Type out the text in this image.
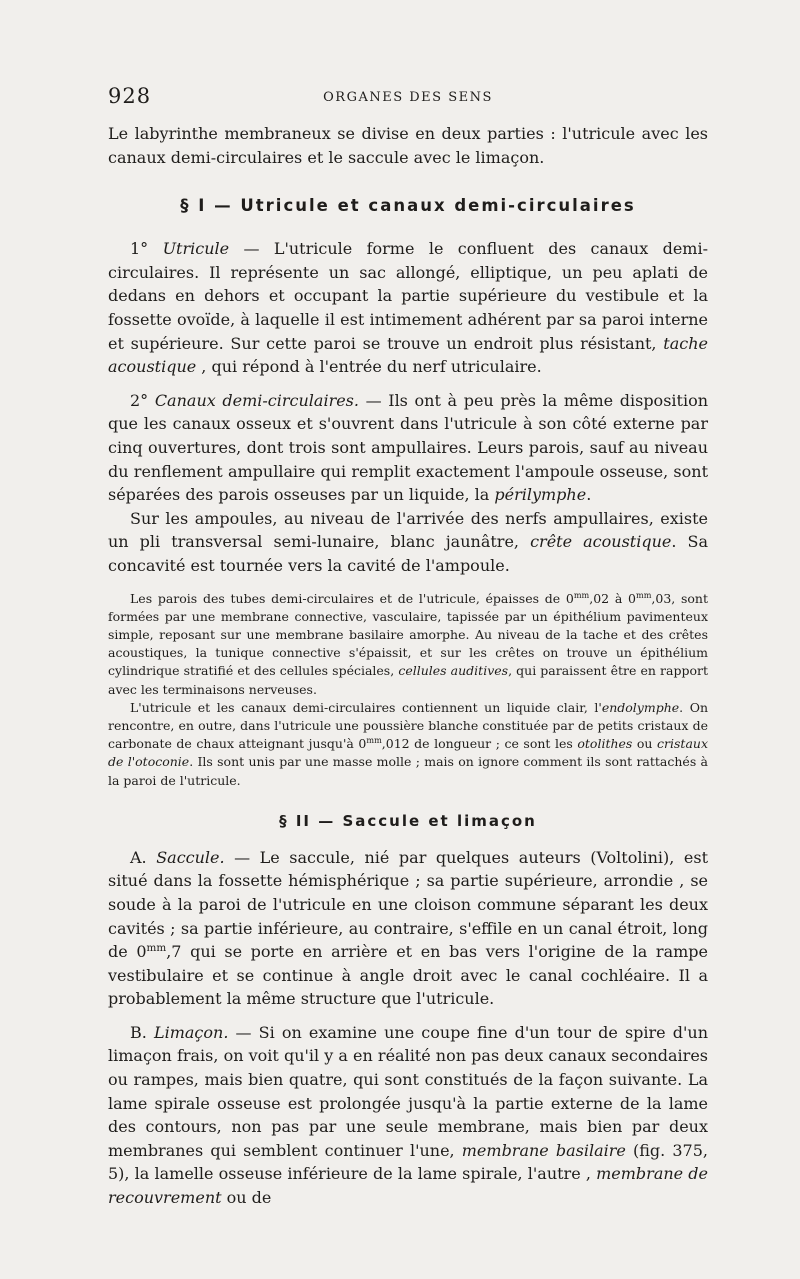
928	ORGANES DES SENS

Le labyrinthe membraneux se divise en deux parties : l'utricule avec les canaux demi-circulaires et le saccule avec le limaçon.

§ I — Utricule et canaux demi-circulaires

1° Utricule — L'utricule forme le confluent des canaux demi-circulaires. Il représente un sac allongé, elliptique, un peu aplati de dedans en dehors et occupant la partie supérieure du vestibule et la fossette ovoïde, à laquelle il est intimement adhérent par sa paroi interne et supérieure. Sur cette paroi se trouve un endroit plus résistant, tache acoustique , qui répond à l'entrée du nerf utriculaire.

2° Canaux demi-circulaires. — Ils ont à peu près la même disposition que les canaux osseux et s'ouvrent dans l'utricule à son côté externe par cinq ouvertures, dont trois sont ampullaires. Leurs parois, sauf au niveau du renflement ampullaire qui remplit exactement l'ampoule osseuse, sont séparées des parois osseuses par un liquide, la périlymphe.

Sur les ampoules, au niveau de l'arrivée des nerfs ampullaires, existe un pli transversal semi-lunaire, blanc jaunâtre, crête acoustique. Sa concavité est tournée vers la cavité de l'ampoule.

Les parois des tubes demi-circulaires et de l'utricule, épaisses de $0^{mm},02$ à $0^{mm},03$, sont formées par une membrane connective, vasculaire, tapissée par un épithélium pavimenteux simple, reposant sur une membrane basilaire amorphe. Au niveau de la tache et des crêtes acoustiques, la tunique connective s'épaissit, et sur les crêtes on trouve un épithélium cylindrique stratifié et des cellules spéciales, cellules auditives, qui paraissent être en rapport avec les terminaisons nerveuses.

L'utricule et les canaux demi-circulaires contiennent un liquide clair, l'endolymphe. On rencontre, en outre, dans l'utricule une poussière blanche constituée par de petits cristaux de carbonate de chaux atteignant jusqu'à $0^{mm},012$ de longueur ; ce sont les otolithes ou cristaux de l'otoconie. Ils sont unis par une masse molle ; mais on ignore comment ils sont rattachés à la paroi de l'utricule.

§ II — Saccule et limaçon

A. Saccule. — Le saccule, nié par quelques auteurs (Voltolini), est situé dans la fossette hémisphérique ; sa partie supérieure, arrondie , se soude à la paroi de l'utricule en une cloison commune séparant les deux cavités ; sa partie inférieure, au contraire, s'effile en un canal étroit, long de $0^{mm},7$ qui se porte en arrière et en bas vers l'origine de la rampe vestibulaire et se continue à angle droit avec le canal cochléaire. Il a probablement la même structure que l'utricule.

B. Limaçon. — Si on examine une coupe fine d'un tour de spire d'un limaçon frais, on voit qu'il y a en réalité non pas deux canaux secondaires ou rampes, mais bien quatre, qui sont constitués de la façon suivante. La lame spirale osseuse est prolongée jusqu'à la partie externe de la lame des contours, non pas par une seule membrane, mais bien par deux membranes qui semblent continuer l'une, membrane basilaire (fig. 375, 5), la lamelle osseuse inférieure de la lame spirale, l'autre , membrane de recouvrement ou de
